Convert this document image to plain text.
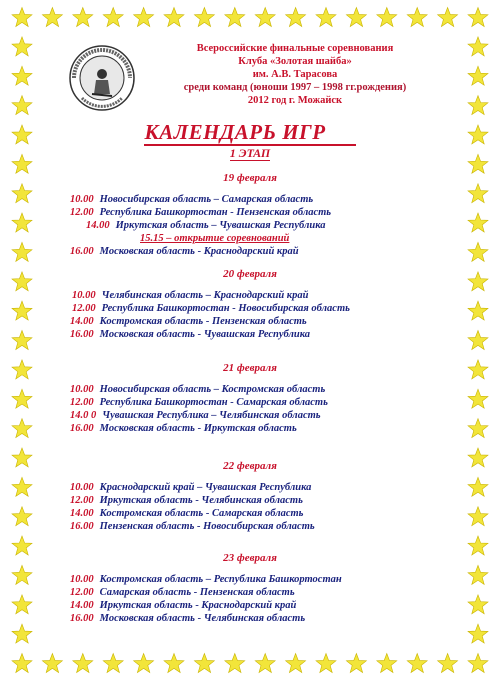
Всероссийские финальные соревнования
Клуба «Золотая шайба»
им. А.В. Тарасова
среди команд (юноши 1997 – 1998 гг.рождения)
2012 год г. Можайск
КАЛЕНДАРЬ ИГР
1 ЭТАП
19 февраля
10.00 Новосибирская область – Самарская область
12.00 Республика Башкортостан - Пензенская область
14.00 Иркутская область – Чувашская Республика
15.15 – открытие соревнований
16.00 Московская область - Краснодарский край
20 февраля
10.00 Челябинская область – Краснодарский край
12.00 Республика Башкортостан - Новосибирская область
14.00 Костромская область - Пензенская область
16.00 Московская область - Чувашская Республика
21 февраля
10.00 Новосибирская область – Костромская область
12.00 Республика Башкортостан - Самарская область
14.0 0 Чувашская Республика – Челябинская область
16.00 Московская область - Иркутская область
22 февраля
10.00 Краснодарский край – Чувашская Республика
12.00 Иркутская область - Челябинская область
14.00 Костромская область - Самарская область
16.00 Пензенская область - Новосибирская область
23 февраля
10.00 Костромская область – Республика Башкортостан
12.00 Самарская область - Пензенская область
14.00 Иркутская область - Краснодарский край
16.00 Московская область - Челябинская область
